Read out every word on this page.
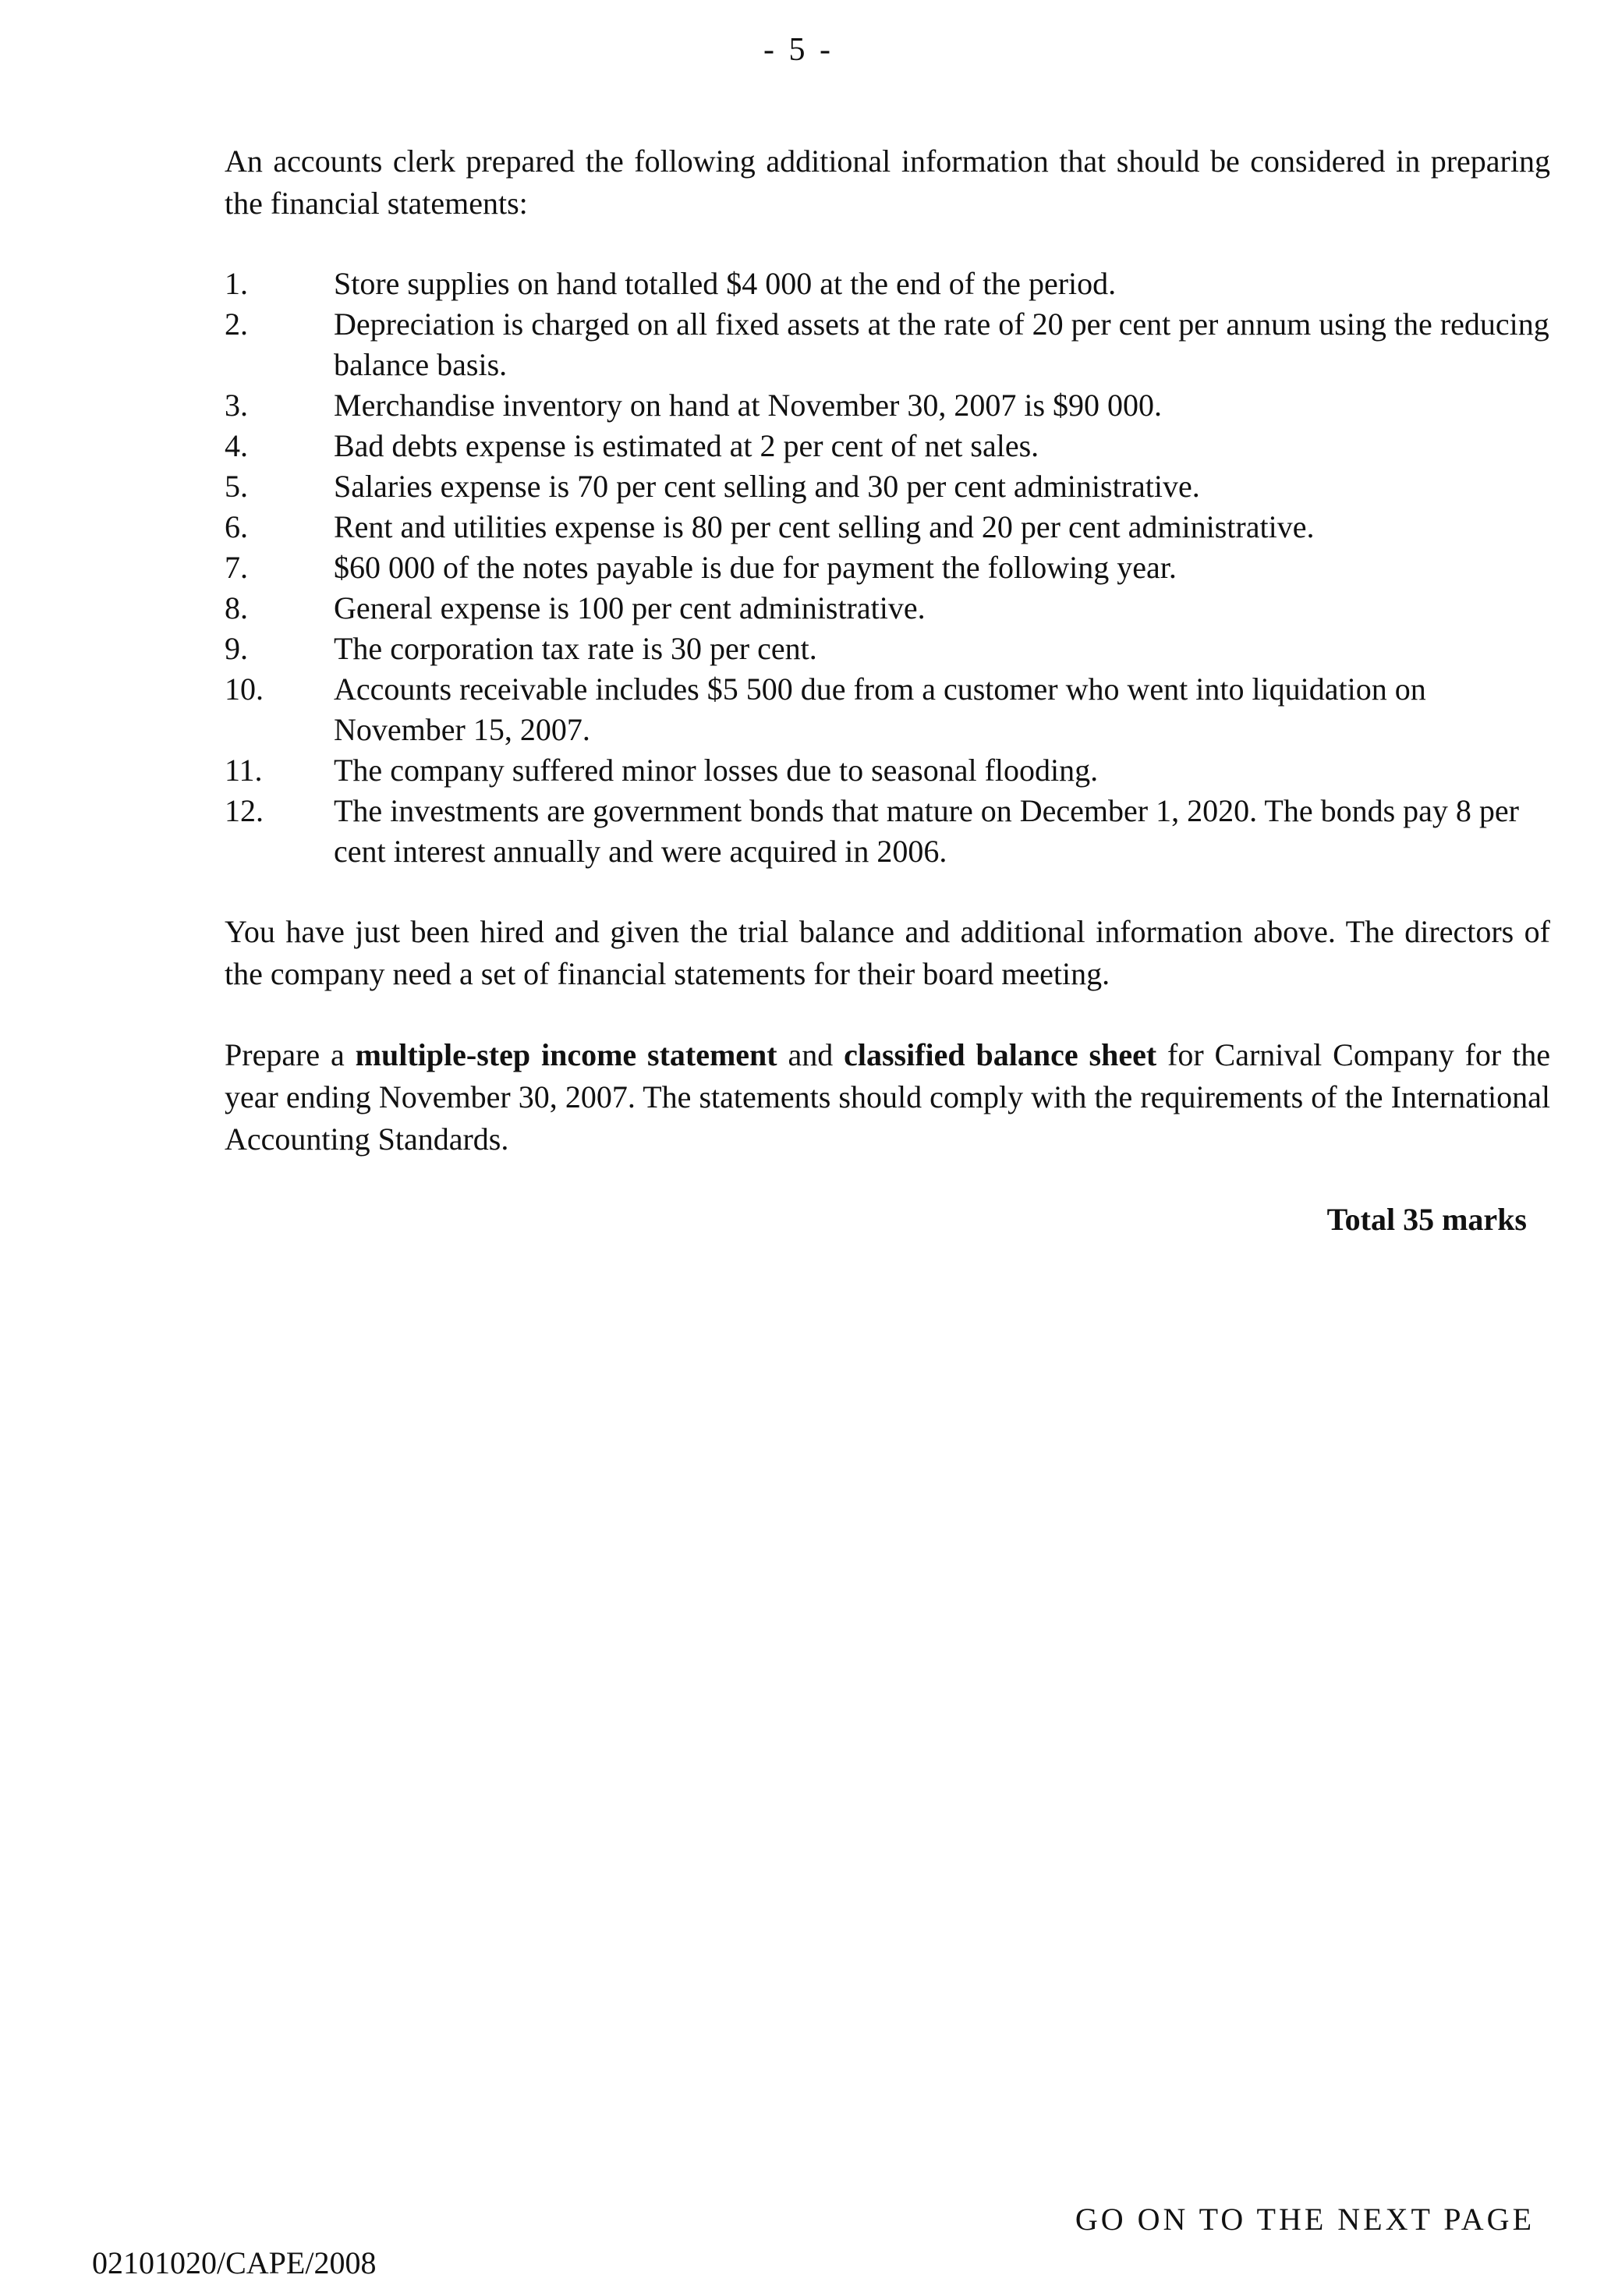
- 5 -

An accounts clerk prepared the following additional information that should be considered in preparing the financial statements:

1.	Store supplies on hand totalled $4 000 at the end of the period.
2.	Depreciation is charged on all fixed assets at the rate of 20 per cent per annum using the reducing balance basis.
3.	Merchandise inventory on hand at November 30, 2007 is $90 000.
4.	Bad debts expense is estimated at 2 per cent of net sales.
5.	Salaries expense is 70 per cent selling and 30 per cent administrative.
6.	Rent and utilities expense is 80 per cent selling and 20 per cent administrative.
7.	$60 000 of the notes payable is due for payment the following year.
8.	General expense is 100 per cent administrative.
9.	The corporation tax rate is 30 per cent.
10.	Accounts receivable includes $5 500 due from a customer who went into liquidation on November 15, 2007.
11.	The company suffered minor losses due to seasonal flooding.
12.	The investments are government bonds that mature on December 1, 2020. The bonds pay 8 per cent interest annually and were acquired in 2006.

You have just been hired and given the trial balance and additional information above. The directors of the company need a set of financial statements for their board meeting.

Prepare a multiple-step income statement and classified balance sheet for Carnival Company for the year ending November 30, 2007. The statements should comply with the requirements of the International Accounting Standards.

Total 35 marks
GO ON TO THE NEXT PAGE
02101020/CAPE/2008
